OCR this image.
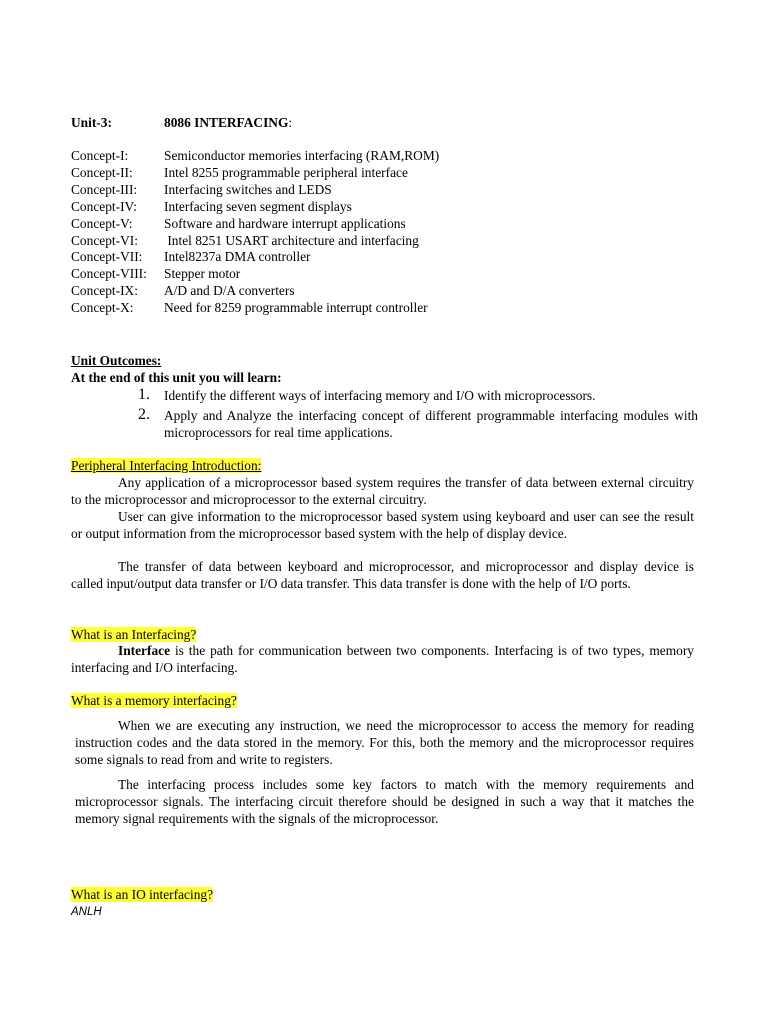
Unit-3:	8086 INTERFACING:
Concept-I:	Semiconductor memories interfacing (RAM,ROM)
Concept-II: Intel 8255 programmable peripheral interface
Concept-III: Interfacing switches and LEDS
Concept-IV: Interfacing seven segment displays
Concept-V: Software and hardware interrupt applications
Concept-VI: Intel 8251 USART architecture and interfacing
Concept-VII: Intel8237a DMA controller
Concept-VIII: Stepper motor
Concept-IX: A/D and D/A converters
Concept-X: Need for 8259 programmable interrupt controller
Unit Outcomes:
At the end of this unit you will learn:
1. Identify the different ways of interfacing memory and I/O with microprocessors.
2. Apply and Analyze the interfacing concept of different programmable interfacing modules with microprocessors for real time applications.
Peripheral Interfacing Introduction:
Any application of a microprocessor based system requires the transfer of data between external circuitry to the microprocessor and microprocessor to the external circuitry.
User can give information to the microprocessor based system using keyboard and user can see the result or output information from the microprocessor based system with the help of display device.
The transfer of data between keyboard and microprocessor, and microprocessor and display device is called input/output data transfer or I/O data transfer. This data transfer is done with the help of I/O ports.
What is an Interfacing?
Interface is the path for communication between two components. Interfacing is of two types, memory interfacing and I/O interfacing.
What is a memory interfacing?
When we are executing any instruction, we need the microprocessor to access the memory for reading instruction codes and the data stored in the memory. For this, both the memory and the microprocessor requires some signals to read from and write to registers.
The interfacing process includes some key factors to match with the memory requirements and microprocessor signals. The interfacing circuit therefore should be designed in such a way that it matches the memory signal requirements with the signals of the microprocessor.
What is an IO interfacing?
ANLH
